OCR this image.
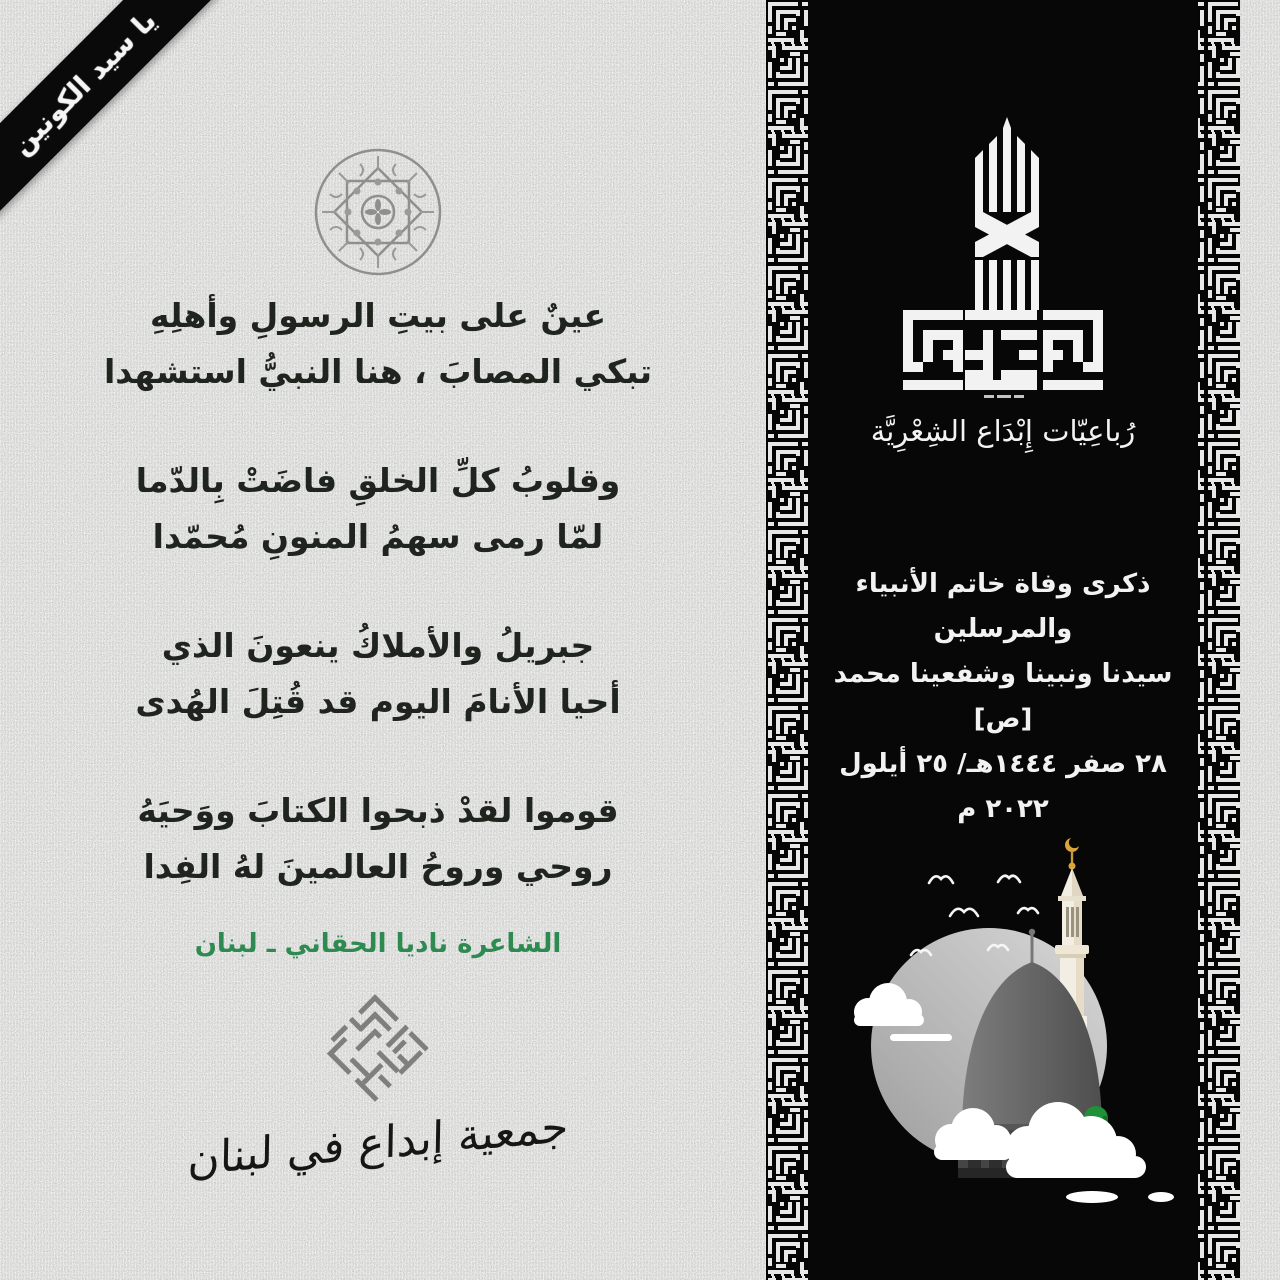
عينٌ على بيتِ الرسولِ وأهلِهِ
تبكي المصابَ ، هنا النبيُّ استشهدا
وقلوبُ كلِّ الخلقِ فاضَتْ بِالدّما
لمّا رمى سهمُ المنونِ مُحمّدا
جبريلُ والأملاكُ ينعونَ الذي
أحيا الأنامَ اليوم قد قُتِلَ الهُدى
قوموا لقدْ ذبحوا الكتابَ ووَحيَهُ
روحي وروحُ العالمينَ لهُ الفِدا
الشاعرة ناديا الحقاني ـ لبنان
جمعية إبداع في لبنان
رُباعِيّات إِبْدَاع الشِعْرِيَّة
ذكرى وفاة خاتم الأنبياء والمرسلين
سيدنا ونبينا وشفعينا محمد [ص]
٢٨ صفر ١٤٤٤هـ/ ٢٥ أيلول ٢٠٢٢ م
يا سيد الكونين
